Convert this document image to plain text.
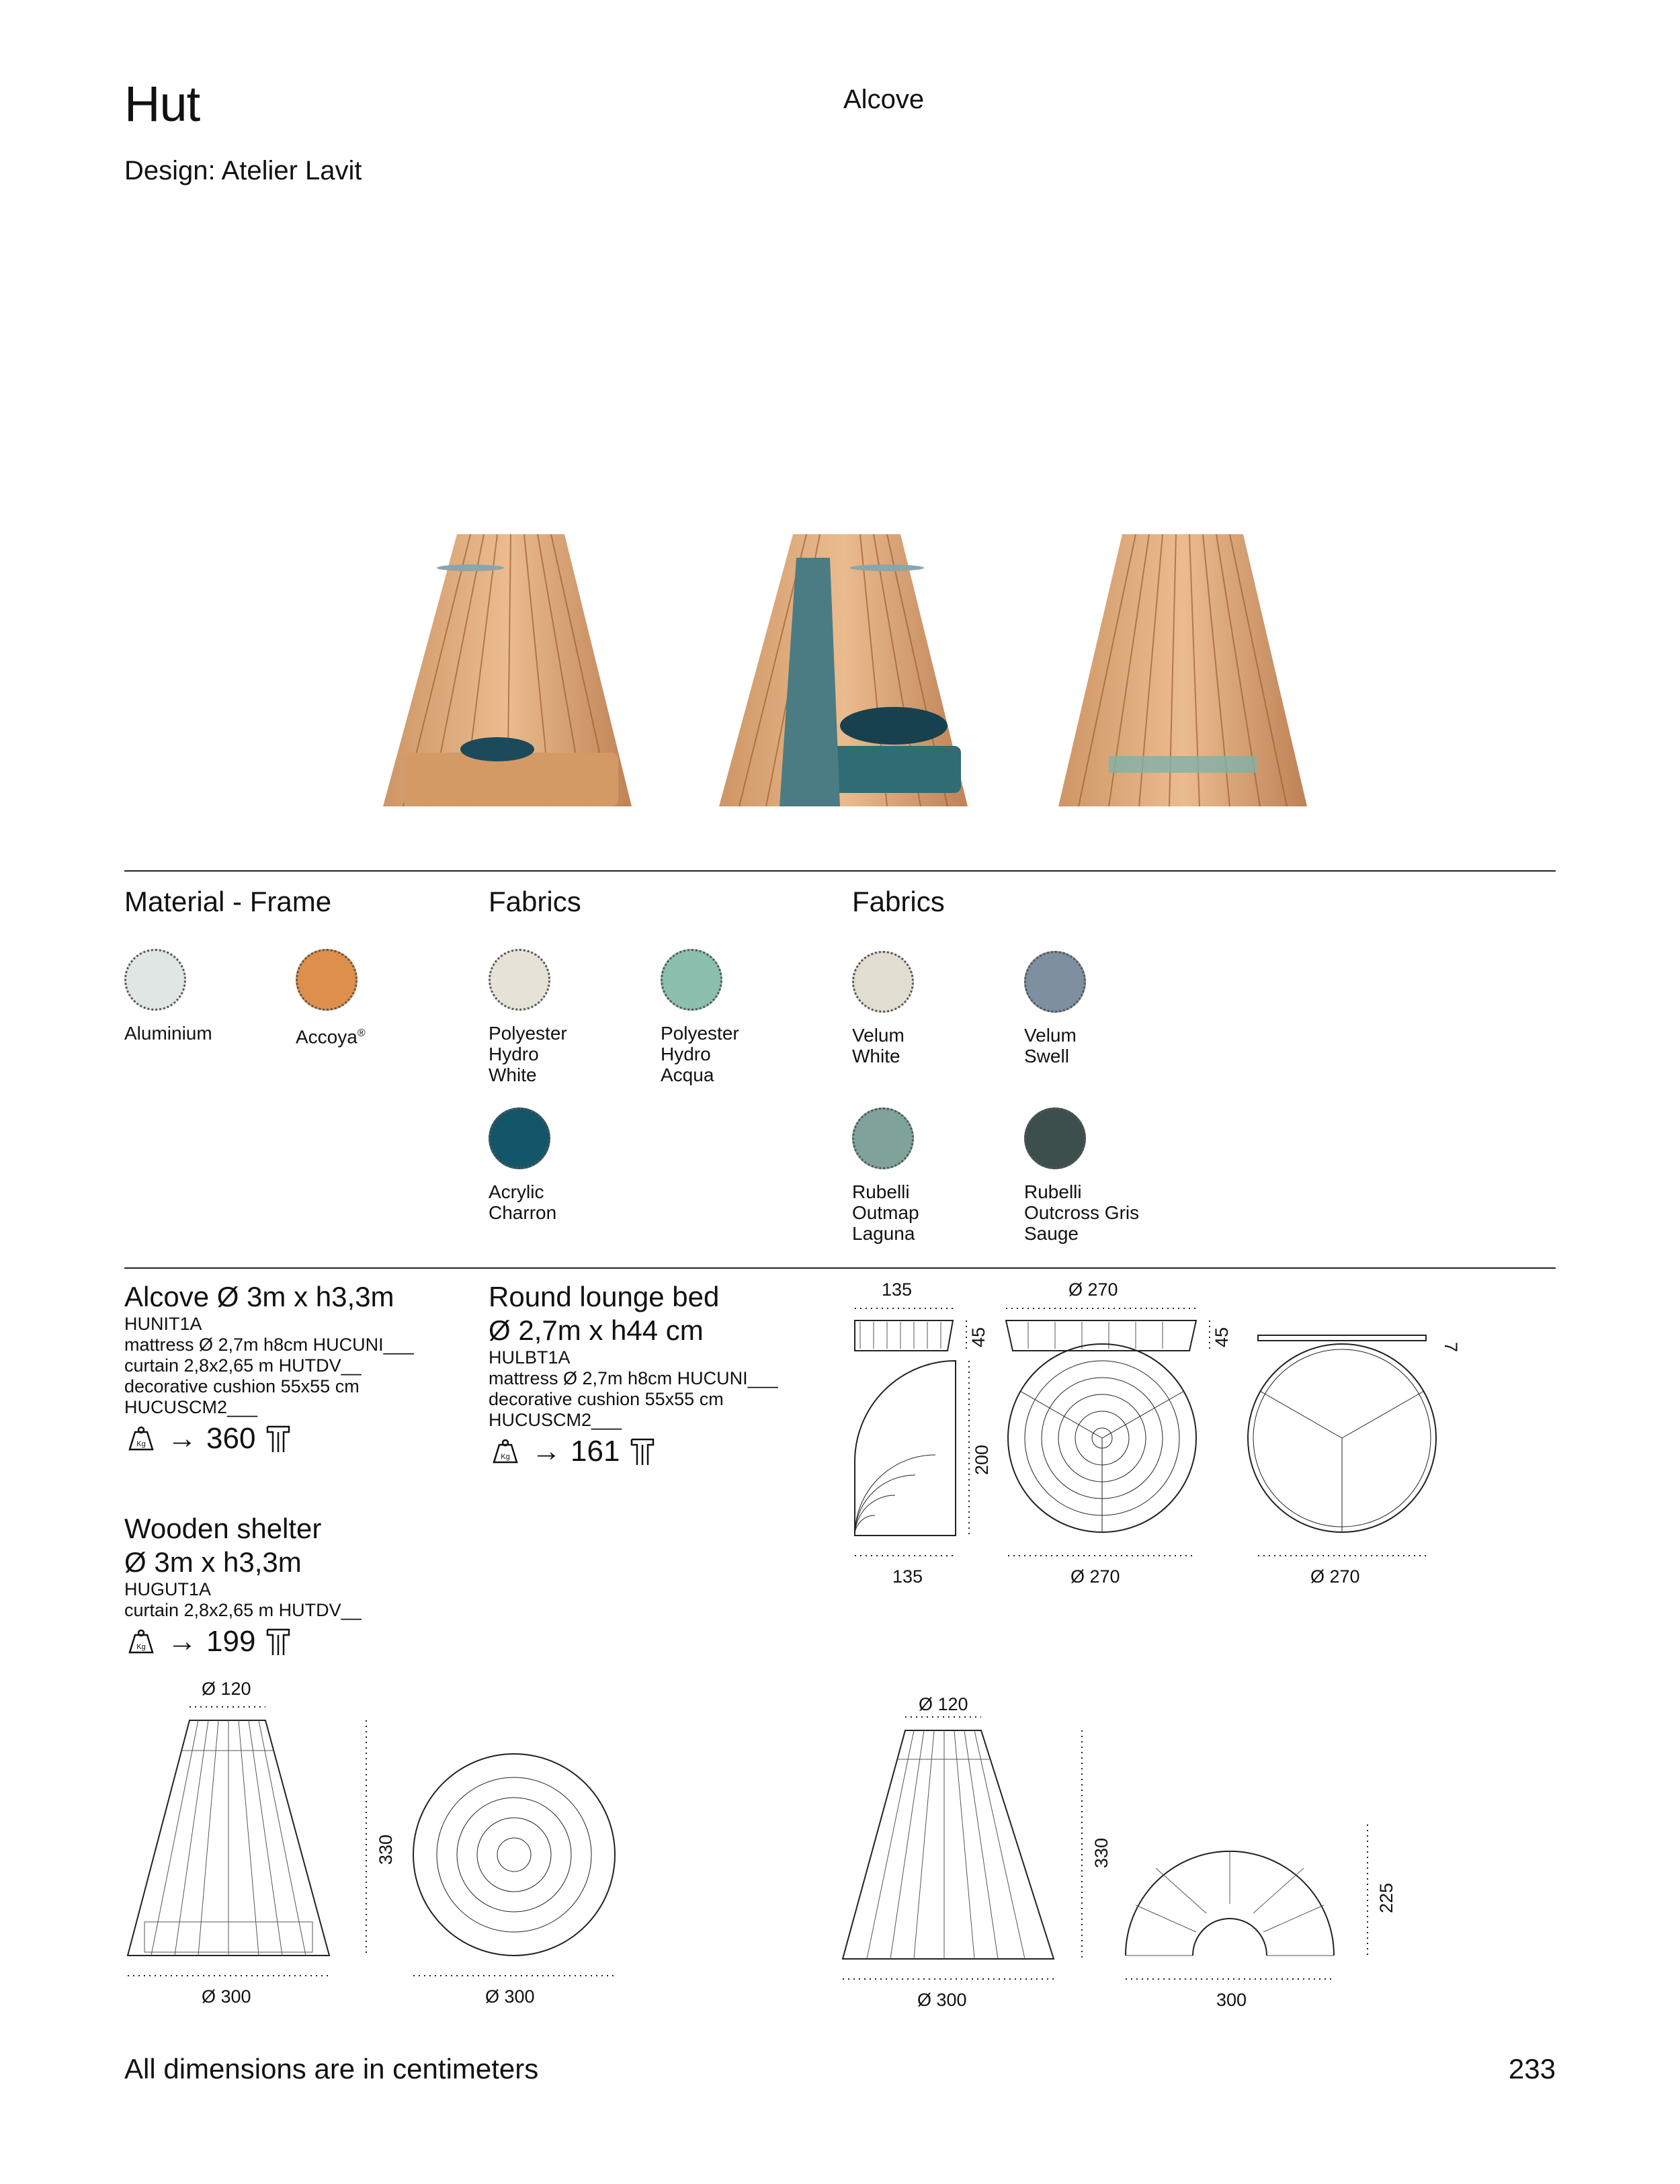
Hut
Design: Atelier Lavit
Alcove
Material - Frame
Aluminium	Accoya®
Fabrics
Polyester
Hydro
White
Polyester
Hydro
Acqua
Acrylic
Charron
Fabrics
Velum
White
Velum
Swell
Rubelli
Outmap
Laguna
Rubelli
Outcross Gris
Sauge
Alcove Ø 3m x h3,3m
HUNIT1A
mattress Ø 2,7m h8cm HUCUNI___
curtain 2,8x2,65 m HUTDV__
decorative cushion 55x55 cm
HUCUSCM2___
Kg → 360
Wooden shelter
Ø 3m x h3,3m
HUGUT1A
curtain 2,8x2,65 m HUTDV__
Kg → 199
Round lounge bed
Ø 2,7m x h44 cm
HULBT1A
mattress Ø 2,7m h8cm HUCUNI___
decorative cushion 55x55 cm
HUCUSCM2___
Kg → 161
135	Ø 270
45	45	7
200
135	Ø 270	Ø 270
Ø 120
330
Ø 300	Ø 300
Ø 120
330
225
Ø 300	300
All dimensions are in centimeters	233
